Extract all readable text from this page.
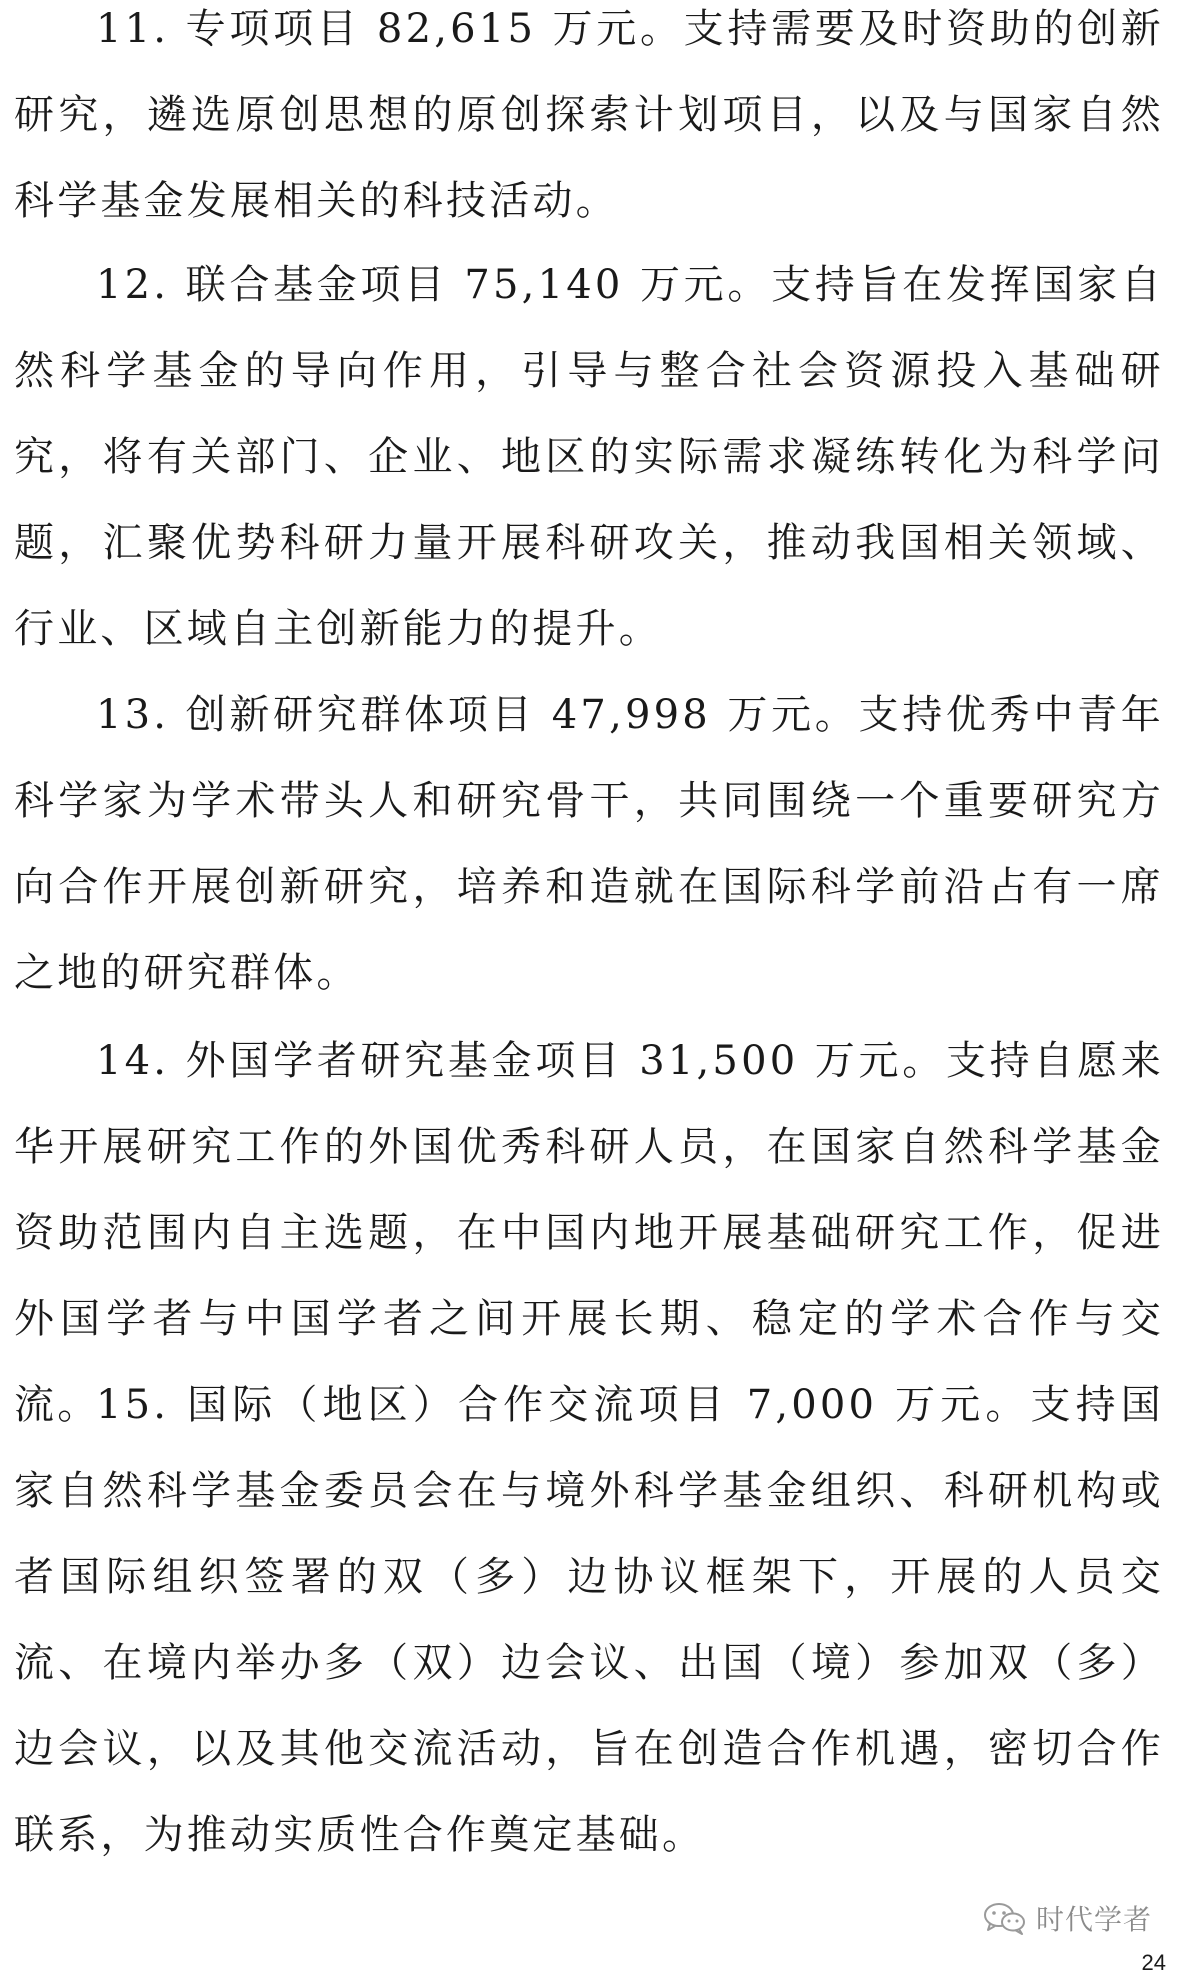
11. 专项项目 82,615 万元。支持需要及时资助的创新研究，遴选原创思想的原创探索计划项目，以及与国家自然科学基金发展相关的科技活动。

12. 联合基金项目 75,140 万元。支持旨在发挥国家自然科学基金的导向作用，引导与整合社会资源投入基础研究，将有关部门、企业、地区的实际需求凝练转化为科学问题，汇聚优势科研力量开展科研攻关，推动我国相关领域、行业、区域自主创新能力的提升。

13. 创新研究群体项目 47,998 万元。支持优秀中青年科学家为学术带头人和研究骨干，共同围绕一个重要研究方向合作开展创新研究，培养和造就在国际科学前沿占有一席之地的研究群体。

14. 外国学者研究基金项目 31,500 万元。支持自愿来华开展研究工作的外国优秀科研人员，在国家自然科学基金资助范围内自主选题，在中国内地开展基础研究工作，促进外国学者与中国学者之间开展长期、稳定的学术合作与交流。

15. 国际（地区）合作交流项目 7,000 万元。支持国家自然科学基金委员会在与境外科学基金组织、科研机构或者国际组织签署的双（多）边协议框架下，开展的人员交流、在境内举办多（双）边会议、出国（境）参加双（多）边会议，以及其他交流活动，旨在创造合作机遇，密切合作联系，为推动实质性合作奠定基础。

时代学者
24
